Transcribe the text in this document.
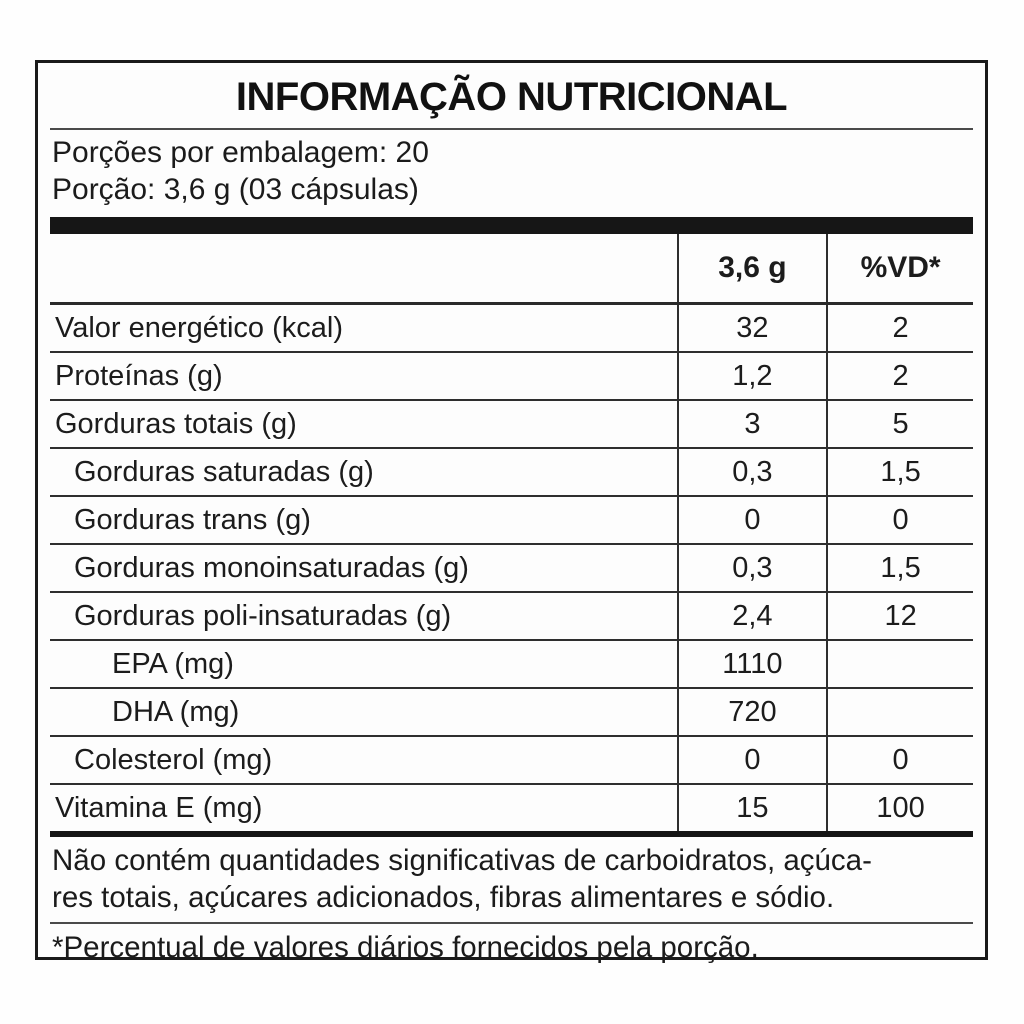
INFORMAÇÃO NUTRICIONAL
Porções por embalagem: 20
Porção: 3,6 g (03 cápsulas)
	3,6 g	%VD*
Valor energético (kcal)	32	2
Proteínas (g)	1,2	2
Gorduras totais (g)	3	5
Gorduras saturadas (g)	0,3	1,5
Gorduras trans (g)	0	0
Gorduras monoinsaturadas (g)	0,3	1,5
Gorduras poli-insaturadas (g)	2,4	12
EPA (mg)	1110	
DHA (mg)	720	
Colesterol (mg)	0	0
Vitamina E (mg)	15	100
Não contém quantidades significativas de carboidratos, açúca-
res totais, açúcares adicionados, fibras alimentares e sódio.
*Percentual de valores diários fornecidos pela porção.
